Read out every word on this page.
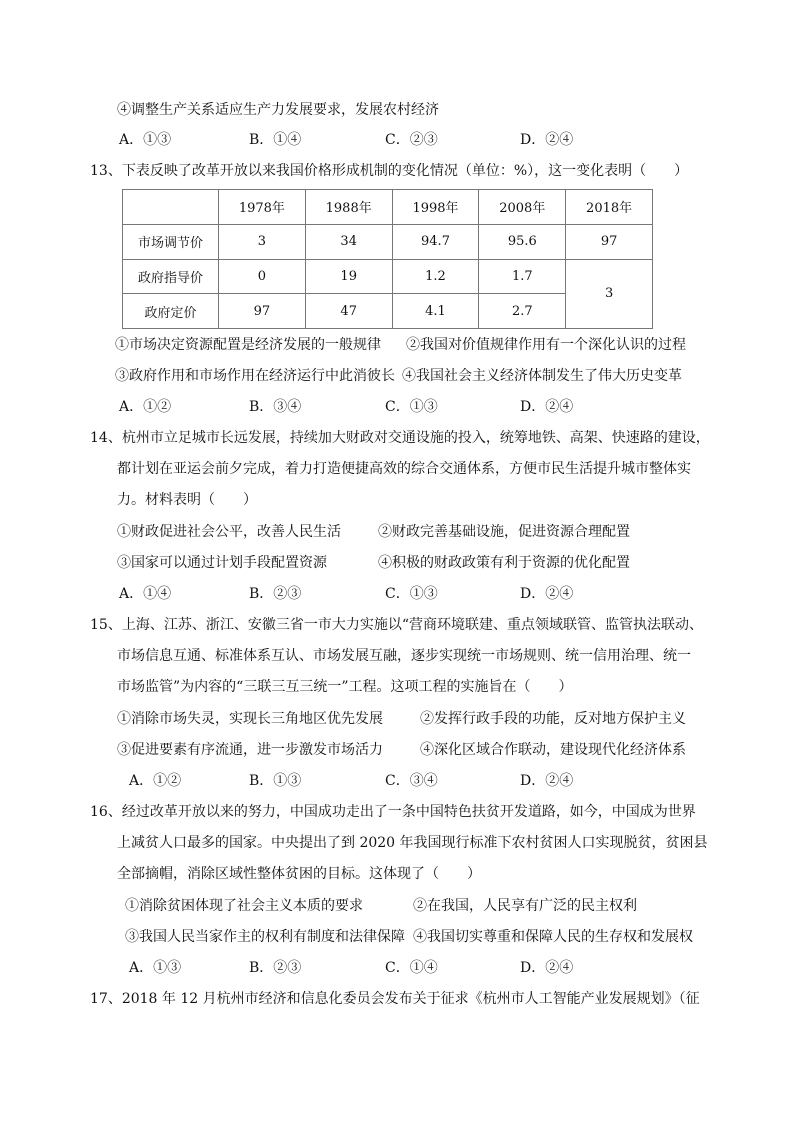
④调整生产关系适应生产力发展要求，发展农村经济
A．①③	B．①④	C．②③	D．②④
13、下表反映了改革开放以来我国价格形成机制的变化情况（单位：%），这一变化表明（　　）
	1978年	1988年	1998年	2008年	2018年
市场调节价	3	34	94.7	95.6	97
政府指导价	0	19	1.2	1.7	3
政府定价	97	47	4.1	2.7	
①市场决定资源配置是经济发展的一般规律 ②我国对价值规律作用有一个深化认识的过程
③政府作用和市场作用在经济运行中此消彼长 ④我国社会主义经济体制发生了伟大历史变革
A．①②	B．③④	C．①③	D．②④
14、杭州市立足城市长远发展，持续加大财政对交通设施的投入，统筹地铁、高架、快速路的建设，
都计划在亚运会前夕完成，着力打造便捷高效的综合交通体系，方便市民生活提升城市整体实
力。材料表明（　　）
①财政促进社会公平，改善人民生活	②财政完善基础设施，促进资源合理配置
③国家可以通过计划手段配置资源	④积极的财政政策有利于资源的优化配置
A．①④	B．②③	C．①③	D．②④
15、上海、江苏、浙江、安徽三省一市大力实施以“营商环境联建、重点领域联管、监管执法联动、
市场信息互通、标准体系互认、市场发展互融，逐步实现统一市场规则、统一信用治理、统一
市场监管”为内容的“三联三互三统一”工程。这项工程的实施旨在（　　）
①消除市场失灵，实现长三角地区优先发展	②发挥行政手段的功能，反对地方保护主义
③促进要素有序流通，进一步激发市场活力	④深化区域合作联动，建设现代化经济体系
A．①②	B．①③	C．③④	D．②④
16、经过改革开放以来的努力，中国成功走出了一条中国特色扶贫开发道路，如今，中国成为世界
上减贫人口最多的国家。中央提出了到 2020 年我国现行标准下农村贫困人口实现脱贫，贫困县
全部摘帽，消除区域性整体贫困的目标。这体现了（　　）
①消除贫困体现了社会主义本质的要求	②在我国，人民享有广泛的民主权利
③我国人民当家作主的权利有制度和法律保障 ④我国切实尊重和保障人民的生存权和发展权
A．①③	B．②③	C．①④	D．②④
17、2018 年 12 月杭州市经济和信息化委员会发布关于征求《杭州市人工智能产业发展规划》（征
